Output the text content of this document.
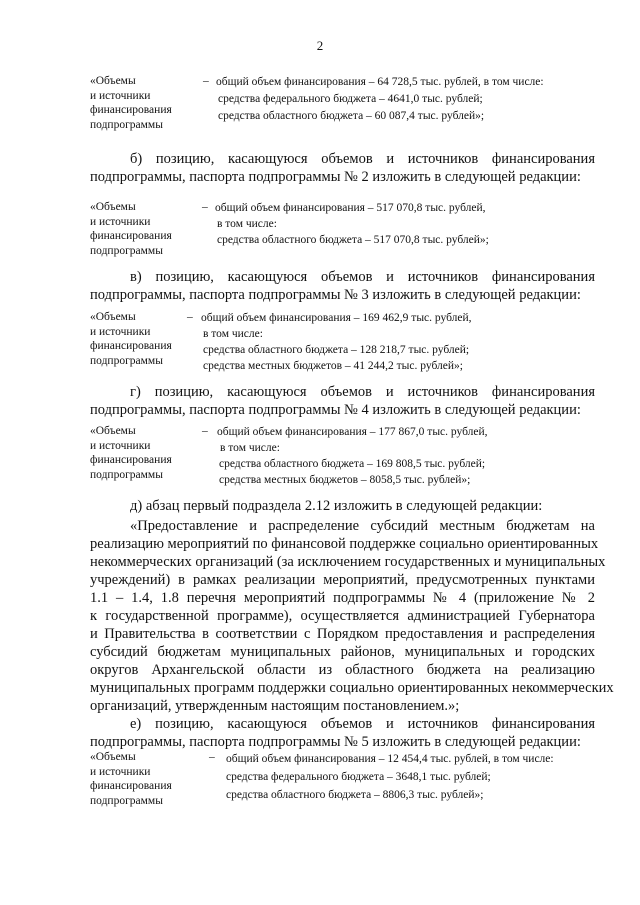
2
«Объемы
и источники
финансирования
подпрограммы
– общий объем финансирования – 64 728,5 тыс. рублей, в том числе:
средства федерального бюджета – 4641,0 тыс. рублей;
средства областного бюджета – 60 087,4 тыс. рублей»;
б) позицию, касающуюся объемов и источников финансирования
подпрограммы, паспорта подпрограммы № 2 изложить в следующей редакции:
«Объемы
и источники
финансирования
подпрограммы
– общий объем финансирования – 517 070,8 тыс. рублей,
в том числе:
средства областного бюджета – 517 070,8 тыс. рублей»;
в) позицию, касающуюся объемов и источников финансирования
подпрограммы, паспорта подпрограммы № 3 изложить в следующей редакции:
«Объемы
и источники
финансирования
подпрограммы
– общий объем финансирования – 169 462,9 тыс. рублей,
в том числе:
средства областного бюджета – 128 218,7 тыс. рублей;
средства местных бюджетов – 41 244,2 тыс. рублей»;
г) позицию, касающуюся объемов и источников финансирования
подпрограммы, паспорта подпрограммы № 4 изложить в следующей редакции:
«Объемы
и источники
финансирования
подпрограммы
– общий объем финансирования – 177 867,0 тыс. рублей,
в том числе:
средства областного бюджета – 169 808,5 тыс. рублей;
средства местных бюджетов – 8058,5 тыс. рублей»;
д) абзац первый подраздела 2.12 изложить в следующей редакции:
«Предоставление и распределение субсидий местным бюджетам на
реализацию мероприятий по финансовой поддержке социально ориентированных
некоммерческих организаций (за исключением государственных и муниципальных
учреждений) в рамках реализации мероприятий, предусмотренных пунктами
1.1 – 1.4, 1.8 перечня мероприятий подпрограммы № 4 (приложение № 2
к государственной программе), осуществляется администрацией Губернатора
и Правительства в соответствии с Порядком предоставления и распределения
субсидий бюджетам муниципальных районов, муниципальных и городских
округов Архангельской области из областного бюджета на реализацию
муниципальных программ поддержки социально ориентированных некоммерческих
организаций, утвержденным настоящим постановлением.»;
е) позицию, касающуюся объемов и источников финансирования
подпрограммы, паспорта подпрограммы № 5 изложить в следующей редакции:
«Объемы
и источники
финансирования
подпрограммы
– общий объем финансирования – 12 454,4 тыс. рублей, в том числе:
средства федерального бюджета – 3648,1 тыс. рублей;
средства областного бюджета – 8806,3 тыс. рублей»;
